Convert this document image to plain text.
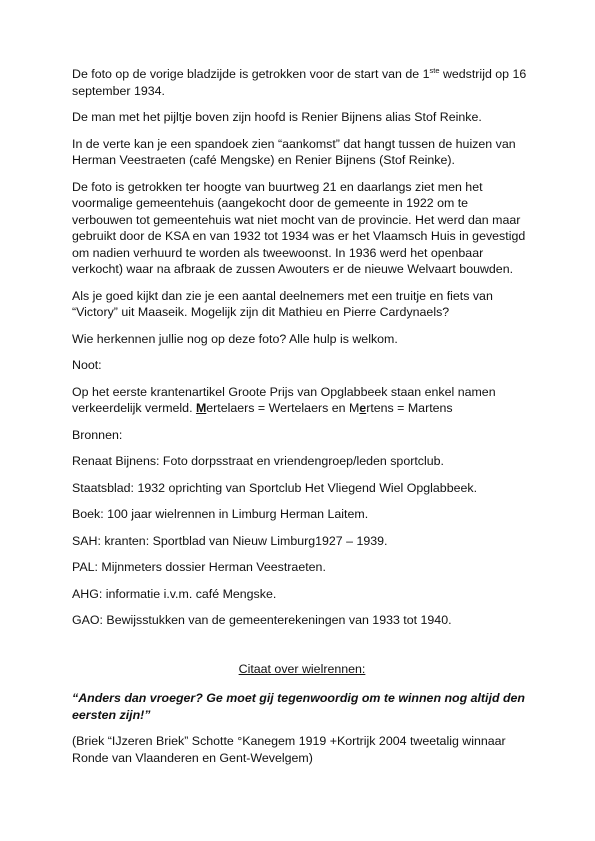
De foto op de vorige bladzijde is getrokken voor de start van de 1ste wedstrijd op 16 september 1934.

De man met het pijltje boven zijn hoofd is Renier Bijnens alias Stof Reinke.

In de verte kan je een spandoek zien “aankomst” dat hangt tussen de huizen van Herman Veestraeten (café Mengske) en Renier Bijnens (Stof Reinke).

De foto is getrokken ter hoogte van buurtweg 21 en daarlangs ziet men het voormalige gemeentehuis (aangekocht door de gemeente in 1922 om te verbouwen tot gemeentehuis wat niet mocht van de provincie. Het werd dan maar gebruikt door de KSA en van 1932 tot 1934 was er het Vlaamsch Huis in gevestigd om nadien verhuurd te worden als tweewoonst. In 1936 werd het openbaar verkocht) waar na afbraak de zussen Awouters er de nieuwe Welvaart bouwden.

Als je goed kijkt dan zie je een aantal deelnemers met een truitje en fiets van “Victory” uit Maaseik. Mogelijk zijn dit Mathieu en Pierre Cardynaels?

Wie herkennen jullie nog op deze foto? Alle hulp is welkom.

Noot:

Op het eerste krantenartikel Groote Prijs van Opglabbeek staan enkel namen verkeerdelijk vermeld. Mertelaers = Wertelaers en Mertens = Martens

Bronnen:

Renaat Bijnens: Foto dorpsstraat en vriendengroep/leden sportclub.

Staatsblad: 1932 oprichting van Sportclub Het Vliegend Wiel Opglabbeek.

Boek: 100 jaar wielrennen in Limburg Herman Laitem.

SAH: kranten: Sportblad van Nieuw Limburg1927 – 1939.

PAL: Mijnmeters dossier Herman Veestraeten.

AHG: informatie i.v.m. café Mengske.

GAO: Bewijsstukken van de gemeenterekeningen van 1933 tot 1940.

Citaat over wielrennen:

“Anders dan vroeger? Ge moet gij tegenwoordig om te winnen nog altijd den eersten zijn!”

(Briek “IJzeren Briek” Schotte °Kanegem 1919 +Kortrijk 2004 tweetalig winnaar Ronde van Vlaanderen en Gent-Wevelgem)
